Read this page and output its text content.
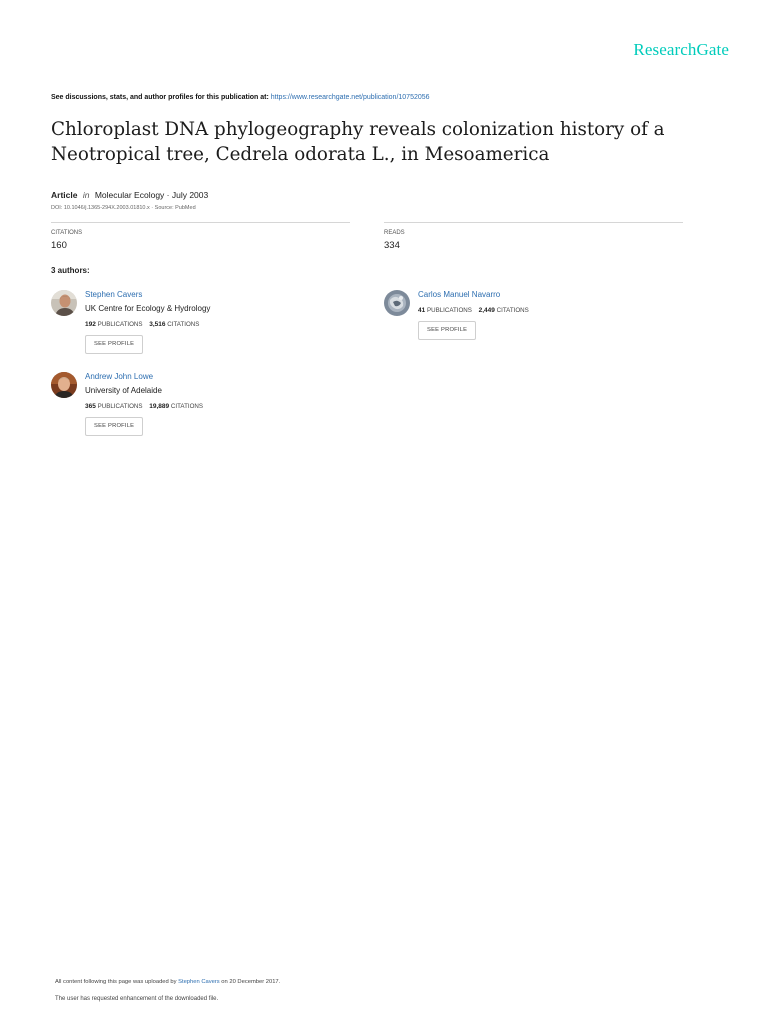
ResearchGate
See discussions, stats, and author profiles for this publication at: https://www.researchgate.net/publication/10752056
Chloroplast DNA phylogeography reveals colonization history of a Neotropical tree, Cedrela odorata L., in Mesoamerica
Article in Molecular Ecology · July 2003
DOI: 10.1046/j.1365-294X.2003.01810.x · Source: PubMed
CITATIONS
160
READS
334
3 authors:
Stephen Cavers
UK Centre for Ecology & Hydrology
192 PUBLICATIONS 3,516 CITATIONS
SEE PROFILE
Carlos Manuel Navarro
41 PUBLICATIONS 2,449 CITATIONS
SEE PROFILE
Andrew John Lowe
University of Adelaide
365 PUBLICATIONS 19,889 CITATIONS
SEE PROFILE
All content following this page was uploaded by Stephen Cavers on 20 December 2017.
The user has requested enhancement of the downloaded file.
